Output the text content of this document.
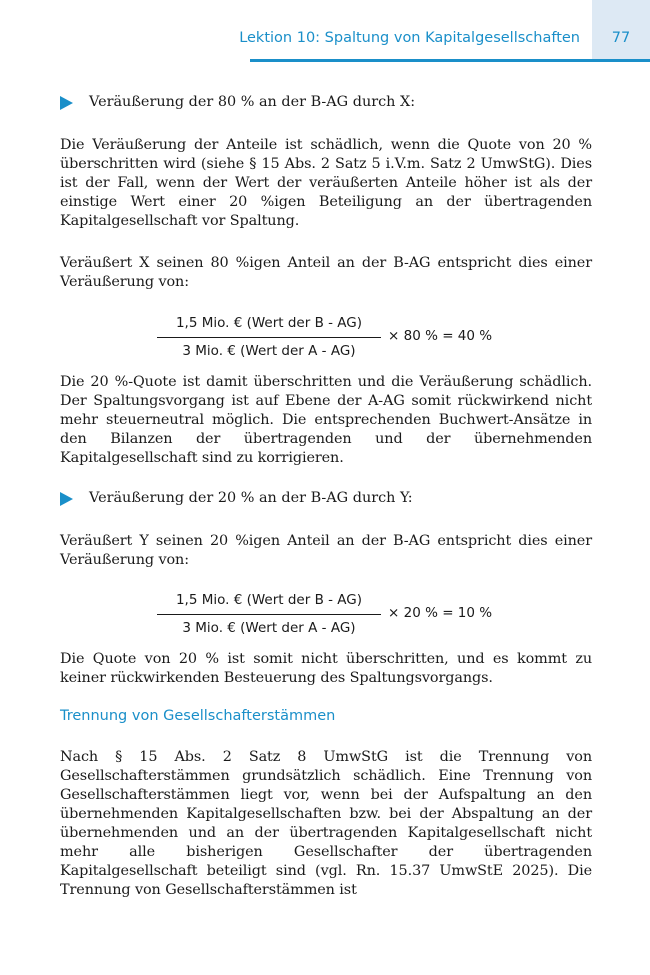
Lektion 10: Spaltung von Kapitalgesellschaften 77

Veräußerung der 80 % an der B-AG durch X:

Die Veräußerung der Anteile ist schädlich, wenn die Quote von 20 % überschritten wird (siehe § 15 Abs. 2 Satz 5 i.V.m. Satz 2 UmwStG). Dies ist der Fall, wenn der Wert der veräußerten Anteile höher ist als der einstige Wert einer 20 %igen Beteiligung an der übertragenden Kapitalgesellschaft vor Spaltung.

Veräußert X seinen 80 %igen Anteil an der B-AG entspricht dies einer Veräußerung von:

1,5 Mio. € (Wert der B - AG)
3 Mio. € (Wert der A - AG)
× 80 % = 40 %

Die 20 %-Quote ist damit überschritten und die Veräußerung schädlich. Der Spaltungsvorgang ist auf Ebene der A-AG somit rückwirkend nicht mehr steuerneutral möglich. Die entsprechenden Buchwert-Ansätze in den Bilanzen der übertragenden und der übernehmenden Kapitalgesellschaft sind zu korrigieren.

Veräußerung der 20 % an der B-AG durch Y:

Veräußert Y seinen 20 %igen Anteil an der B-AG entspricht dies einer Veräußerung von:

1,5 Mio. € (Wert der B - AG)
3 Mio. € (Wert der A - AG)
× 20 % = 10 %

Die Quote von 20 % ist somit nicht überschritten, und es kommt zu keiner rückwirkenden Besteuerung des Spaltungsvorgangs.

Trennung von Gesellschafterstämmen

Nach § 15 Abs. 2 Satz 8 UmwStG ist die Trennung von Gesellschafterstämmen grundsätzlich schädlich. Eine Trennung von Gesellschafterstämmen liegt vor, wenn bei der Aufspaltung an den übernehmenden Kapitalgesellschaften bzw. bei der Abspaltung an der übernehmenden und an der übertragenden Kapitalgesellschaft nicht mehr alle bisherigen Gesellschafter der übertragenden Kapitalgesellschaft beteiligt sind (vgl. Rn. 15.37 UmwStE 2025). Die Trennung von Gesellschafterstämmen ist
